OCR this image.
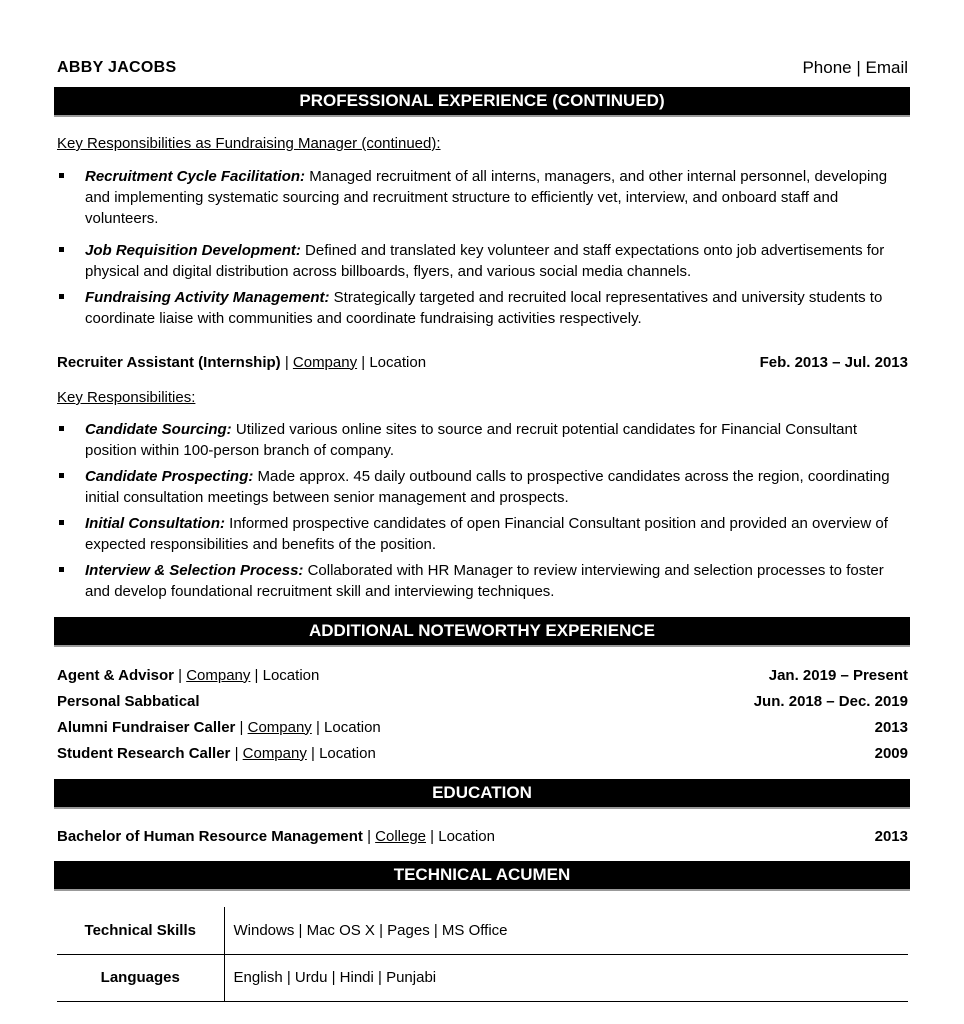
ABBY JACOBS	Phone | Email
PROFESSIONAL EXPERIENCE (CONTINUED)
Key Responsibilities as Fundraising Manager (continued):
Recruitment Cycle Facilitation: Managed recruitment of all interns, managers, and other internal personnel, developing and implementing systematic sourcing and recruitment structure to efficiently vet, interview, and onboard staff and volunteers.
Job Requisition Development: Defined and translated key volunteer and staff expectations onto job advertisements for physical and digital distribution across billboards, flyers, and various social media channels.
Fundraising Activity Management: Strategically targeted and recruited local representatives and university students to coordinate liaise with communities and coordinate fundraising activities respectively.
Recruiter Assistant (Internship) | Company | Location	Feb. 2013 – Jul. 2013
Key Responsibilities:
Candidate Sourcing: Utilized various online sites to source and recruit potential candidates for Financial Consultant position within 100-person branch of company.
Candidate Prospecting: Made approx. 45 daily outbound calls to prospective candidates across the region, coordinating initial consultation meetings between senior management and prospects.
Initial Consultation: Informed prospective candidates of open Financial Consultant position and provided an overview of expected responsibilities and benefits of the position.
Interview & Selection Process: Collaborated with HR Manager to review interviewing and selection processes to foster and develop foundational recruitment skill and interviewing techniques.
ADDITIONAL NOTEWORTHY EXPERIENCE
Agent & Advisor | Company | Location	Jan. 2019 – Present
Personal Sabbatical	Jun. 2018 – Dec. 2019
Alumni Fundraiser Caller | Company | Location	2013
Student Research Caller | Company | Location	2009
EDUCATION
Bachelor of Human Resource Management | College | Location	2013
TECHNICAL ACUMEN
Technical Skills	Windows | Mac OS X | Pages | MS Office
Languages	English | Urdu | Hindi | Punjabi
